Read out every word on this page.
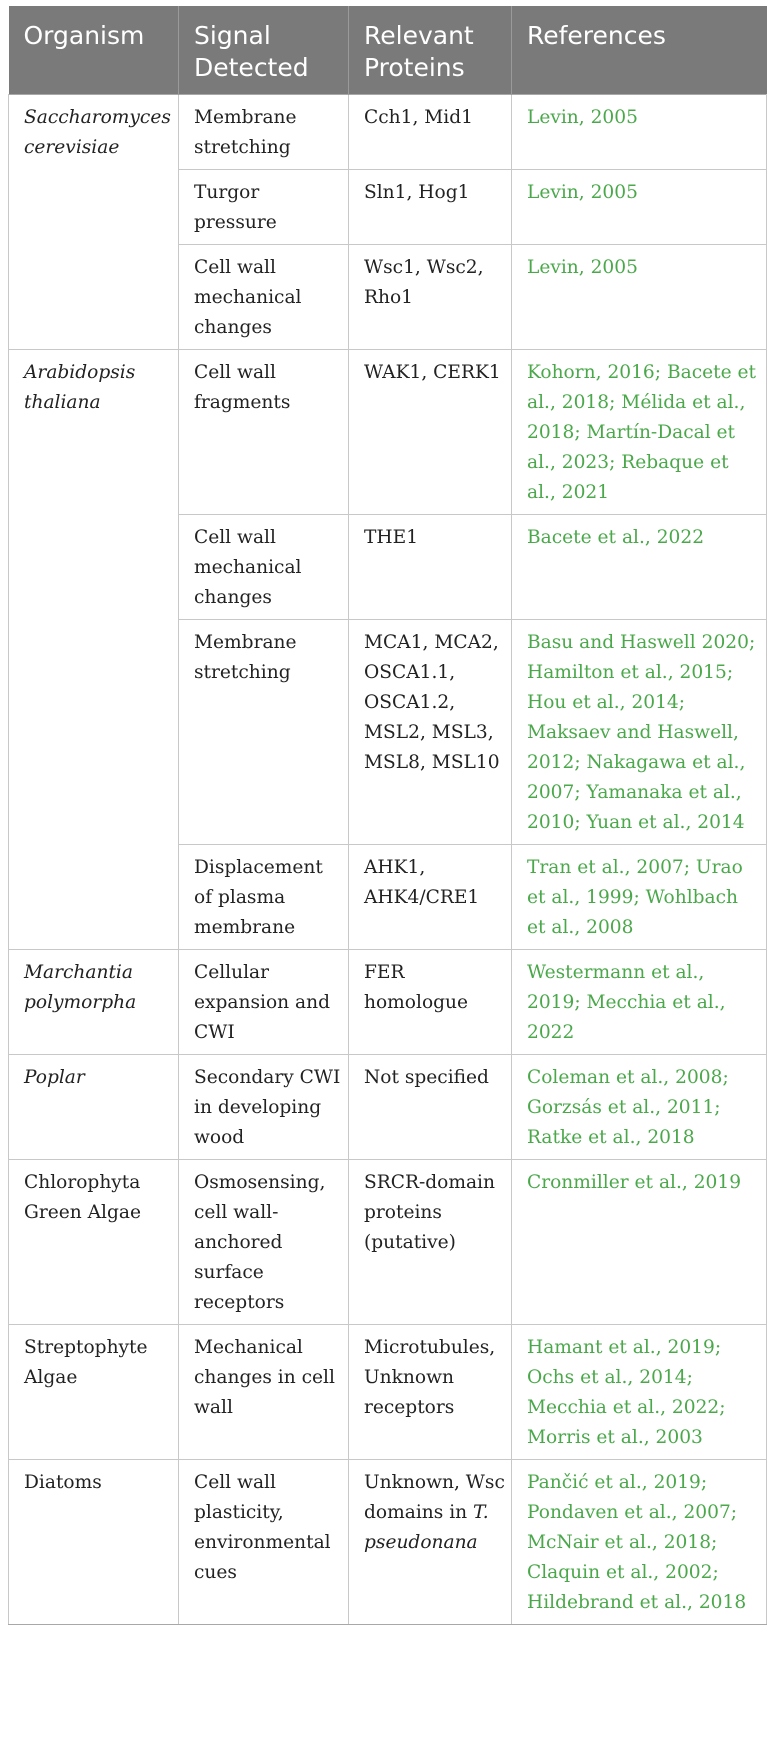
Organism	Signal Detected	Relevant Proteins	References
Saccharomyces cerevisiae	Membrane stretching	Cch1, Mid1	Levin, 2005
	Turgor pressure	Sln1, Hog1	Levin, 2005
	Cell wall mechanical changes	Wsc1, Wsc2, Rho1	Levin, 2005
Arabidopsis thaliana	Cell wall fragments	WAK1, CERK1	Kohorn, 2016; Bacete et al., 2018; Mélida et al., 2018; Martín-Dacal et al., 2023; Rebaque et al., 2021
	Cell wall mechanical changes	THE1	Bacete et al., 2022
	Membrane stretching	MCA1, MCA2, OSCA1.1, OSCA1.2, MSL2, MSL3, MSL8, MSL10	Basu and Haswell 2020; Hamilton et al., 2015; Hou et al., 2014; Maksaev and Haswell, 2012; Nakagawa et al., 2007; Yamanaka et al., 2010; Yuan et al., 2014
	Displacement of plasma membrane	AHK1, AHK4/CRE1	Tran et al., 2007; Urao et al., 1999; Wohlbach et al., 2008
Marchantia polymorpha	Cellular expansion and CWI	FER homologue	Westermann et al., 2019; Mecchia et al., 2022
Poplar	Secondary CWI in developing wood	Not specified	Coleman et al., 2008; Gorzsás et al., 2011; Ratke et al., 2018
Chlorophyta Green Algae	Osmosensing, cell wall-anchored surface receptors	SRCR-domain proteins (putative)	Cronmiller et al., 2019
Streptophyte Algae	Mechanical changes in cell wall	Microtubules, Unknown receptors	Hamant et al., 2019; Ochs et al., 2014; Mecchia et al., 2022; Morris et al., 2003
Diatoms	Cell wall plasticity, environmental cues	Unknown, Wsc domains in T. pseudonana	Pančić et al., 2019; Pondaven et al., 2007; McNair et al., 2018; Claquin et al., 2002; Hildebrand et al., 2018
